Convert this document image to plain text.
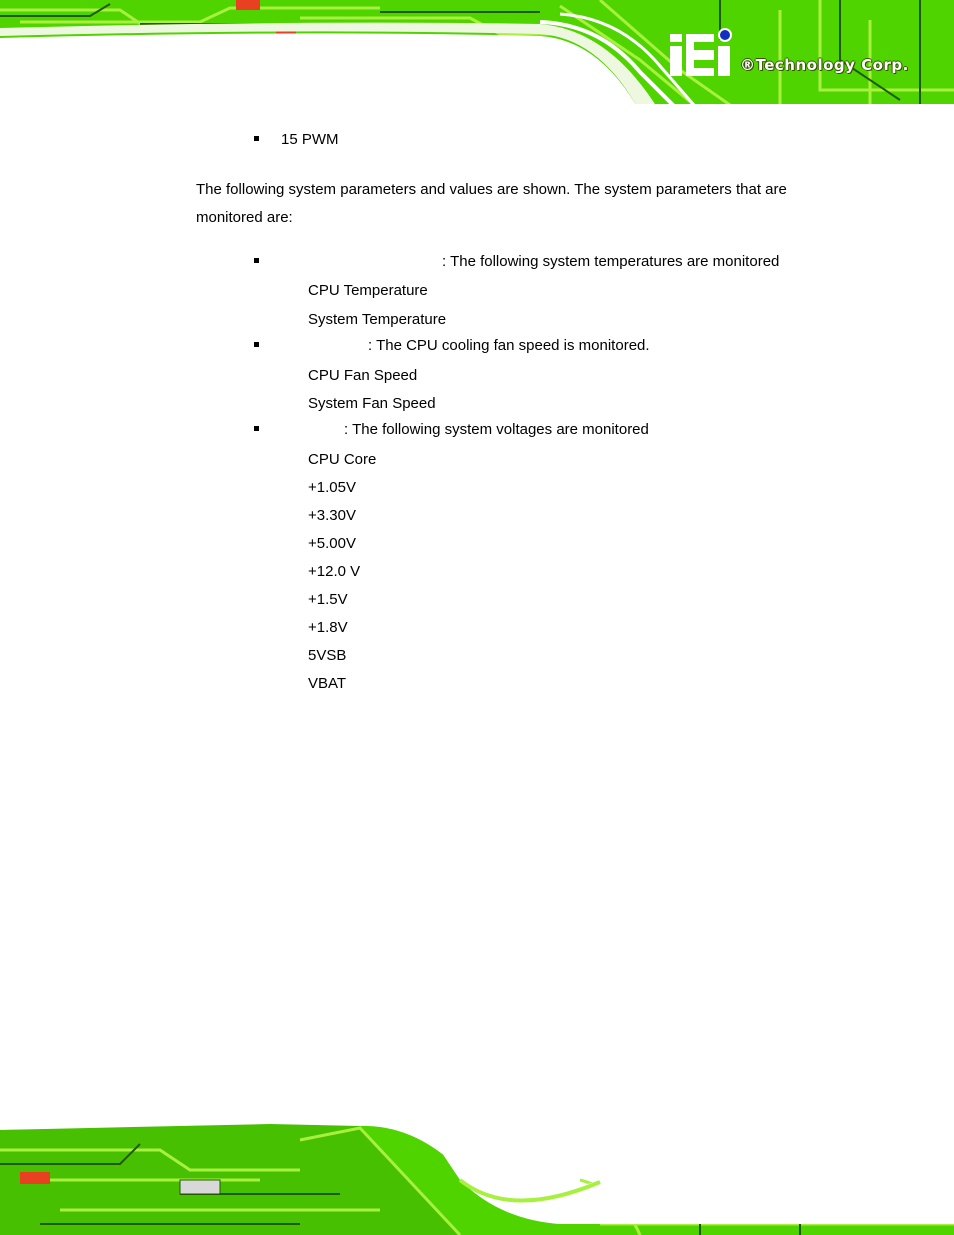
®Technology Corp.
15 PWM
The following system parameters and values are shown. The system parameters that are
monitored are:
: The following system temperatures are monitored
CPU Temperature
System Temperature
: The CPU cooling fan speed is monitored.
CPU Fan Speed
System Fan Speed
: The following system voltages are monitored
CPU Core
+1.05V
+3.30V
+5.00V
+12.0 V
+1.5V
+1.8V
5VSB
VBAT
